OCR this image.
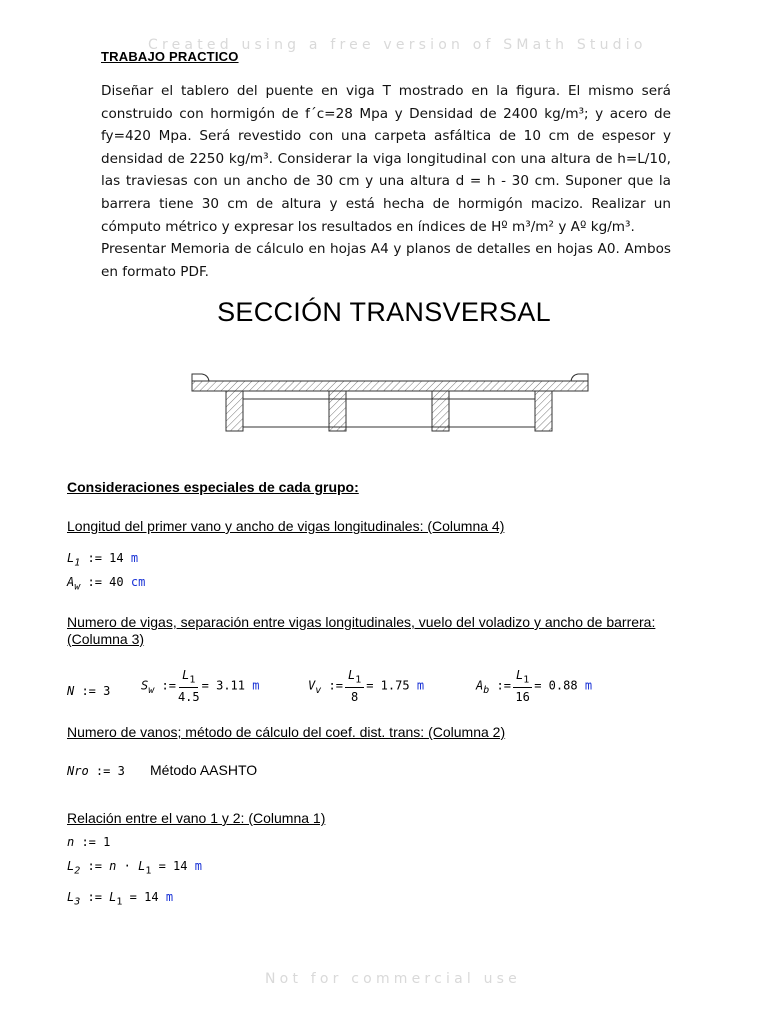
Created using a free version of SMath Studio
TRABAJO PRACTICO

Diseñar el tablero del puente en viga T mostrado en la figura. El mismo será construido con hormigón de f´c=28 Mpa y Densidad de 2400 kg/m³; y acero de fy=420 Mpa. Será revestido con una carpeta asfáltica de 10 cm de espesor y densidad de 2250 kg/m³. Considerar la viga longitudinal con una altura de h=L/10, las traviesas con un ancho de 30 cm y una altura d = h - 30 cm. Suponer que la barrera tiene 30 cm de altura y está hecha de hormigón macizo. Realizar un cómputo métrico y expresar los resultados en índices de Hº m³/m² y Aº kg/m³.

Presentar Memoria de cálculo en hojas A4 y planos de detalles en hojas A0. Ambos en formato PDF.

SECCIÓN TRANSVERSAL
Consideraciones especiales de cada grupo:
Longitud del primer vano y ancho de vigas longitudinales: (Columna 4)
$L_1$ := 14 m
$A_w$ := 40 cm
Numero de vigas, separación entre vigas longitudinales, vuelo del voladizo y ancho de barrera: (Columna 3)
N := 3	$S_w$ := $\frac{L_1}{4.5} = 3.11$ m	$V_v$ := $\frac{L_1}{8} = 1.75$ m	$A_b$ := $\frac{L_1}{16} = 0.88$ m
Numero de vanos; método de cálculo del coef. dist. trans: (Columna 2)
Nro := 3 Método AASHTO
Relación entre el vano 1 y 2: (Columna 1)
n := 1
$L_2$ := $n \cdot L_1 = 14$ m
$L_3$ := $L_1 = 14$ m
Not for commercial use
